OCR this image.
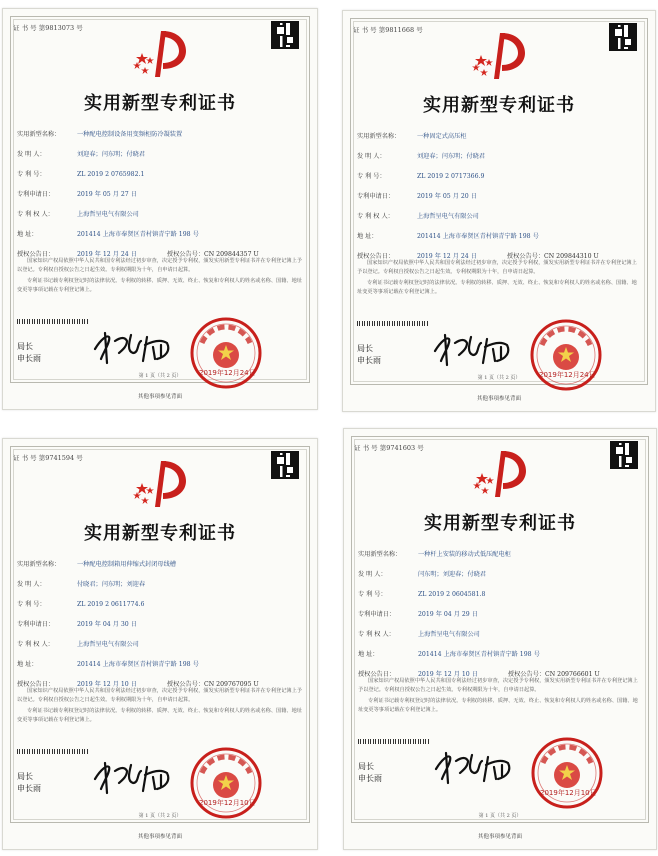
证 书 号 第9813073 号
实用新型专利证书
实用新型名称：	一种配电控制设备用变频柜防冷凝装置
发 明 人：	刘迎春；闫东明；付晓君
专 利 号：	ZL 2019 2 0765982.1
专利申请日：	2019 年 05 月 27 日
专 利 权 人：	上海哲呈电气有限公司
地 址：	201414 上海市奉贤区青村镇青宁路 198 号
授权公告日：	2019 年 12 月 24 日	授权公告号：CN 209844357 U

国家知识产权局依照中华人民共和国专利法经过初步审查，决定授予专利权，颁发实用新型专利证书并在专利登记簿上予以登记。专利权自授权公告之日起生效。专利权期限为十年，自申请日起算。

专利证书记载专利权登记时的法律状况。专利权的转移、质押、无效、终止、恢复和专利权人的姓名或名称、国籍、地址变更等事项记载在专利登记簿上。

局长
申长雨
2019年12月24日
第 1 页（共 2 页）
其他事项参见背面
证 书 号 第9811668 号
实用新型专利证书
实用新型名称：	一种固定式高压柜
发 明 人：	刘迎春；闫东明；付晓君
专 利 号：	ZL 2019 2 0717366.9
专利申请日：	2019 年 05 月 20 日
专 利 权 人：	上海哲呈电气有限公司
地 址：	201414 上海市奉贤区青村镇青宁路 198 号
授权公告日：	2019 年 12 月 24 日	授权公告号：CN 209844310 U

国家知识产权局依照中华人民共和国专利法经过初步审查，决定授予专利权，颁发实用新型专利证书并在专利登记簿上予以登记。专利权自授权公告之日起生效。专利权期限为十年，自申请日起算。

专利证书记载专利权登记时的法律状况。专利权的转移、质押、无效、终止、恢复和专利权人的姓名或名称、国籍、地址变更等事项记载在专利登记簿上。

局长
申长雨
2019年12月24日
第 1 页（共 2 页）
其他事项参见背面
证 书 号 第9741594 号
实用新型专利证书
实用新型名称：	一种配电控制箱用伸缩式封闭母线槽
发 明 人：	付晓君；闫东明；刘迎春
专 利 号：	ZL 2019 2 0611774.6
专利申请日：	2019 年 04 月 30 日
专 利 权 人：	上海哲呈电气有限公司
地 址：	201414 上海市奉贤区青村镇青宁路 198 号
授权公告日：	2019 年 12 月 10 日	授权公告号：CN 209767095 U

国家知识产权局依照中华人民共和国专利法经过初步审查，决定授予专利权，颁发实用新型专利证书并在专利登记簿上予以登记。专利权自授权公告之日起生效。专利权期限为十年，自申请日起算。

专利证书记载专利权登记时的法律状况。专利权的转移、质押、无效、终止、恢复和专利权人的姓名或名称、国籍、地址变更等事项记载在专利登记簿上。

局长
申长雨
2019年12月10日
第 1 页（共 2 页）
其他事项参见背面
证 书 号 第9741603 号
实用新型专利证书
实用新型名称：	一种杆上安装的移动式低压配电柜
发 明 人：	闫东明；刘迎春；付晓君
专 利 号：	ZL 2019 2 0604581.8
专利申请日：	2019 年 04 月 29 日
专 利 权 人：	上海哲呈电气有限公司
地 址：	201414 上海市奉贤区青村镇青宁路 198 号
授权公告日：	2019 年 12 月 10 日	授权公告号：CN 209766601 U

国家知识产权局依照中华人民共和国专利法经过初步审查，决定授予专利权，颁发实用新型专利证书并在专利登记簿上予以登记。专利权自授权公告之日起生效。专利权期限为十年，自申请日起算。

专利证书记载专利权登记时的法律状况。专利权的转移、质押、无效、终止、恢复和专利权人的姓名或名称、国籍、地址变更等事项记载在专利登记簿上。

局长
申长雨
2019年12月10日
第 1 页（共 2 页）
其他事项参见背面
